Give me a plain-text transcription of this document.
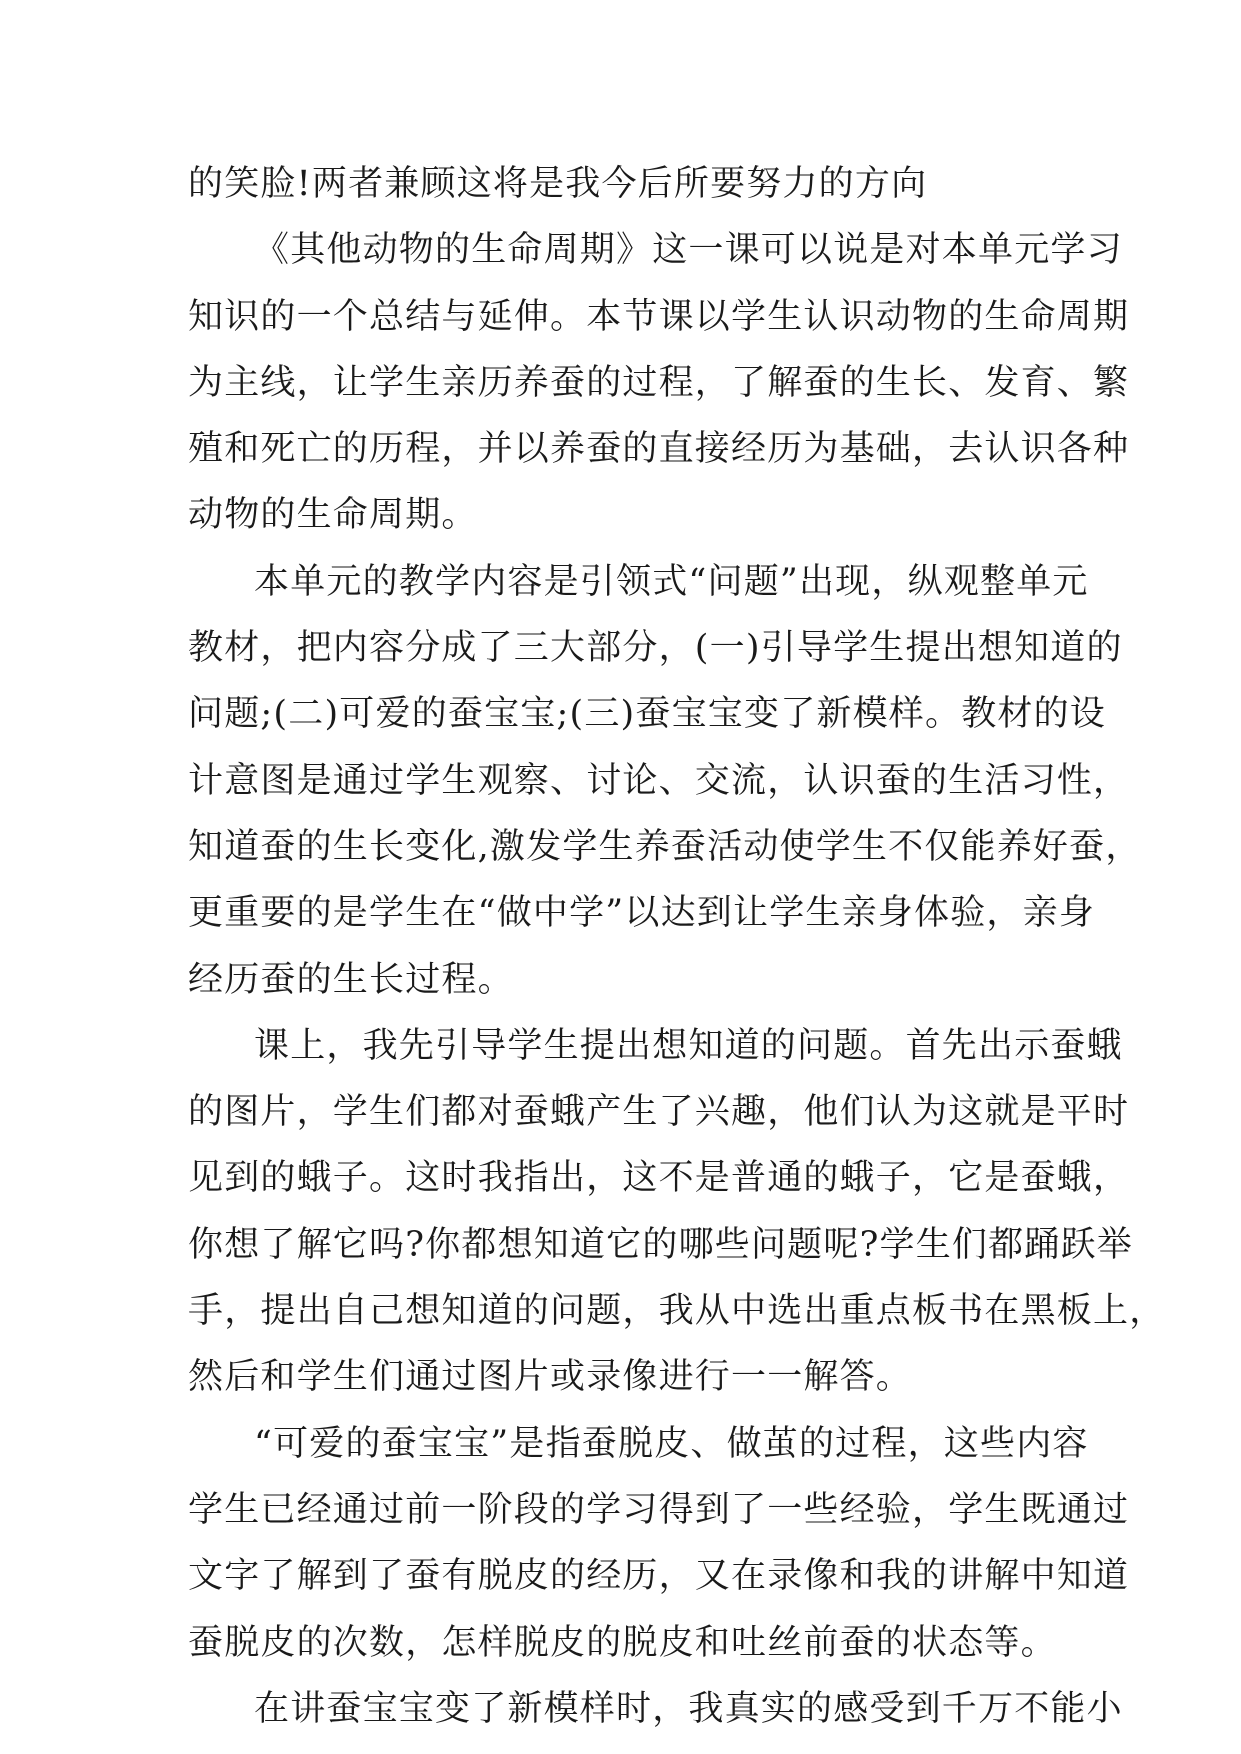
的笑脸!两者兼顾这将是我今后所要努力的方向
《其他动物的生命周期》这一课可以说是对本单元学习
知识的一个总结与延伸。本节课以学生认识动物的生命周期
为主线，让学生亲历养蚕的过程，了解蚕的生长、发育、繁
殖和死亡的历程，并以养蚕的直接经历为基础，去认识各种
动物的生命周期。
本单元的教学内容是引领式“问题”出现，纵观整单元
教材，把内容分成了三大部分，(一)引导学生提出想知道的
问题;(二)可爱的蚕宝宝;(三)蚕宝宝变了新模样。教材的设
计意图是通过学生观察、讨论、交流，认识蚕的生活习性，
知道蚕的生长变化,激发学生养蚕活动使学生不仅能养好蚕，
更重要的是学生在“做中学”以达到让学生亲身体验，亲身
经历蚕的生长过程。
课上，我先引导学生提出想知道的问题。首先出示蚕蛾
的图片，学生们都对蚕蛾产生了兴趣，他们认为这就是平时
见到的蛾子。这时我指出，这不是普通的蛾子，它是蚕蛾，
你想了解它吗?你都想知道它的哪些问题呢?学生们都踊跃举
手，提出自己想知道的问题，我从中选出重点板书在黑板上，
然后和学生们通过图片或录像进行一一解答。
“可爱的蚕宝宝”是指蚕脱皮、做茧的过程，这些内容
学生已经通过前一阶段的学习得到了一些经验，学生既通过
文字了解到了蚕有脱皮的经历，又在录像和我的讲解中知道
蚕脱皮的次数，怎样脱皮的脱皮和吐丝前蚕的状态等。
在讲蚕宝宝变了新模样时，我真实的感受到千万不能小
